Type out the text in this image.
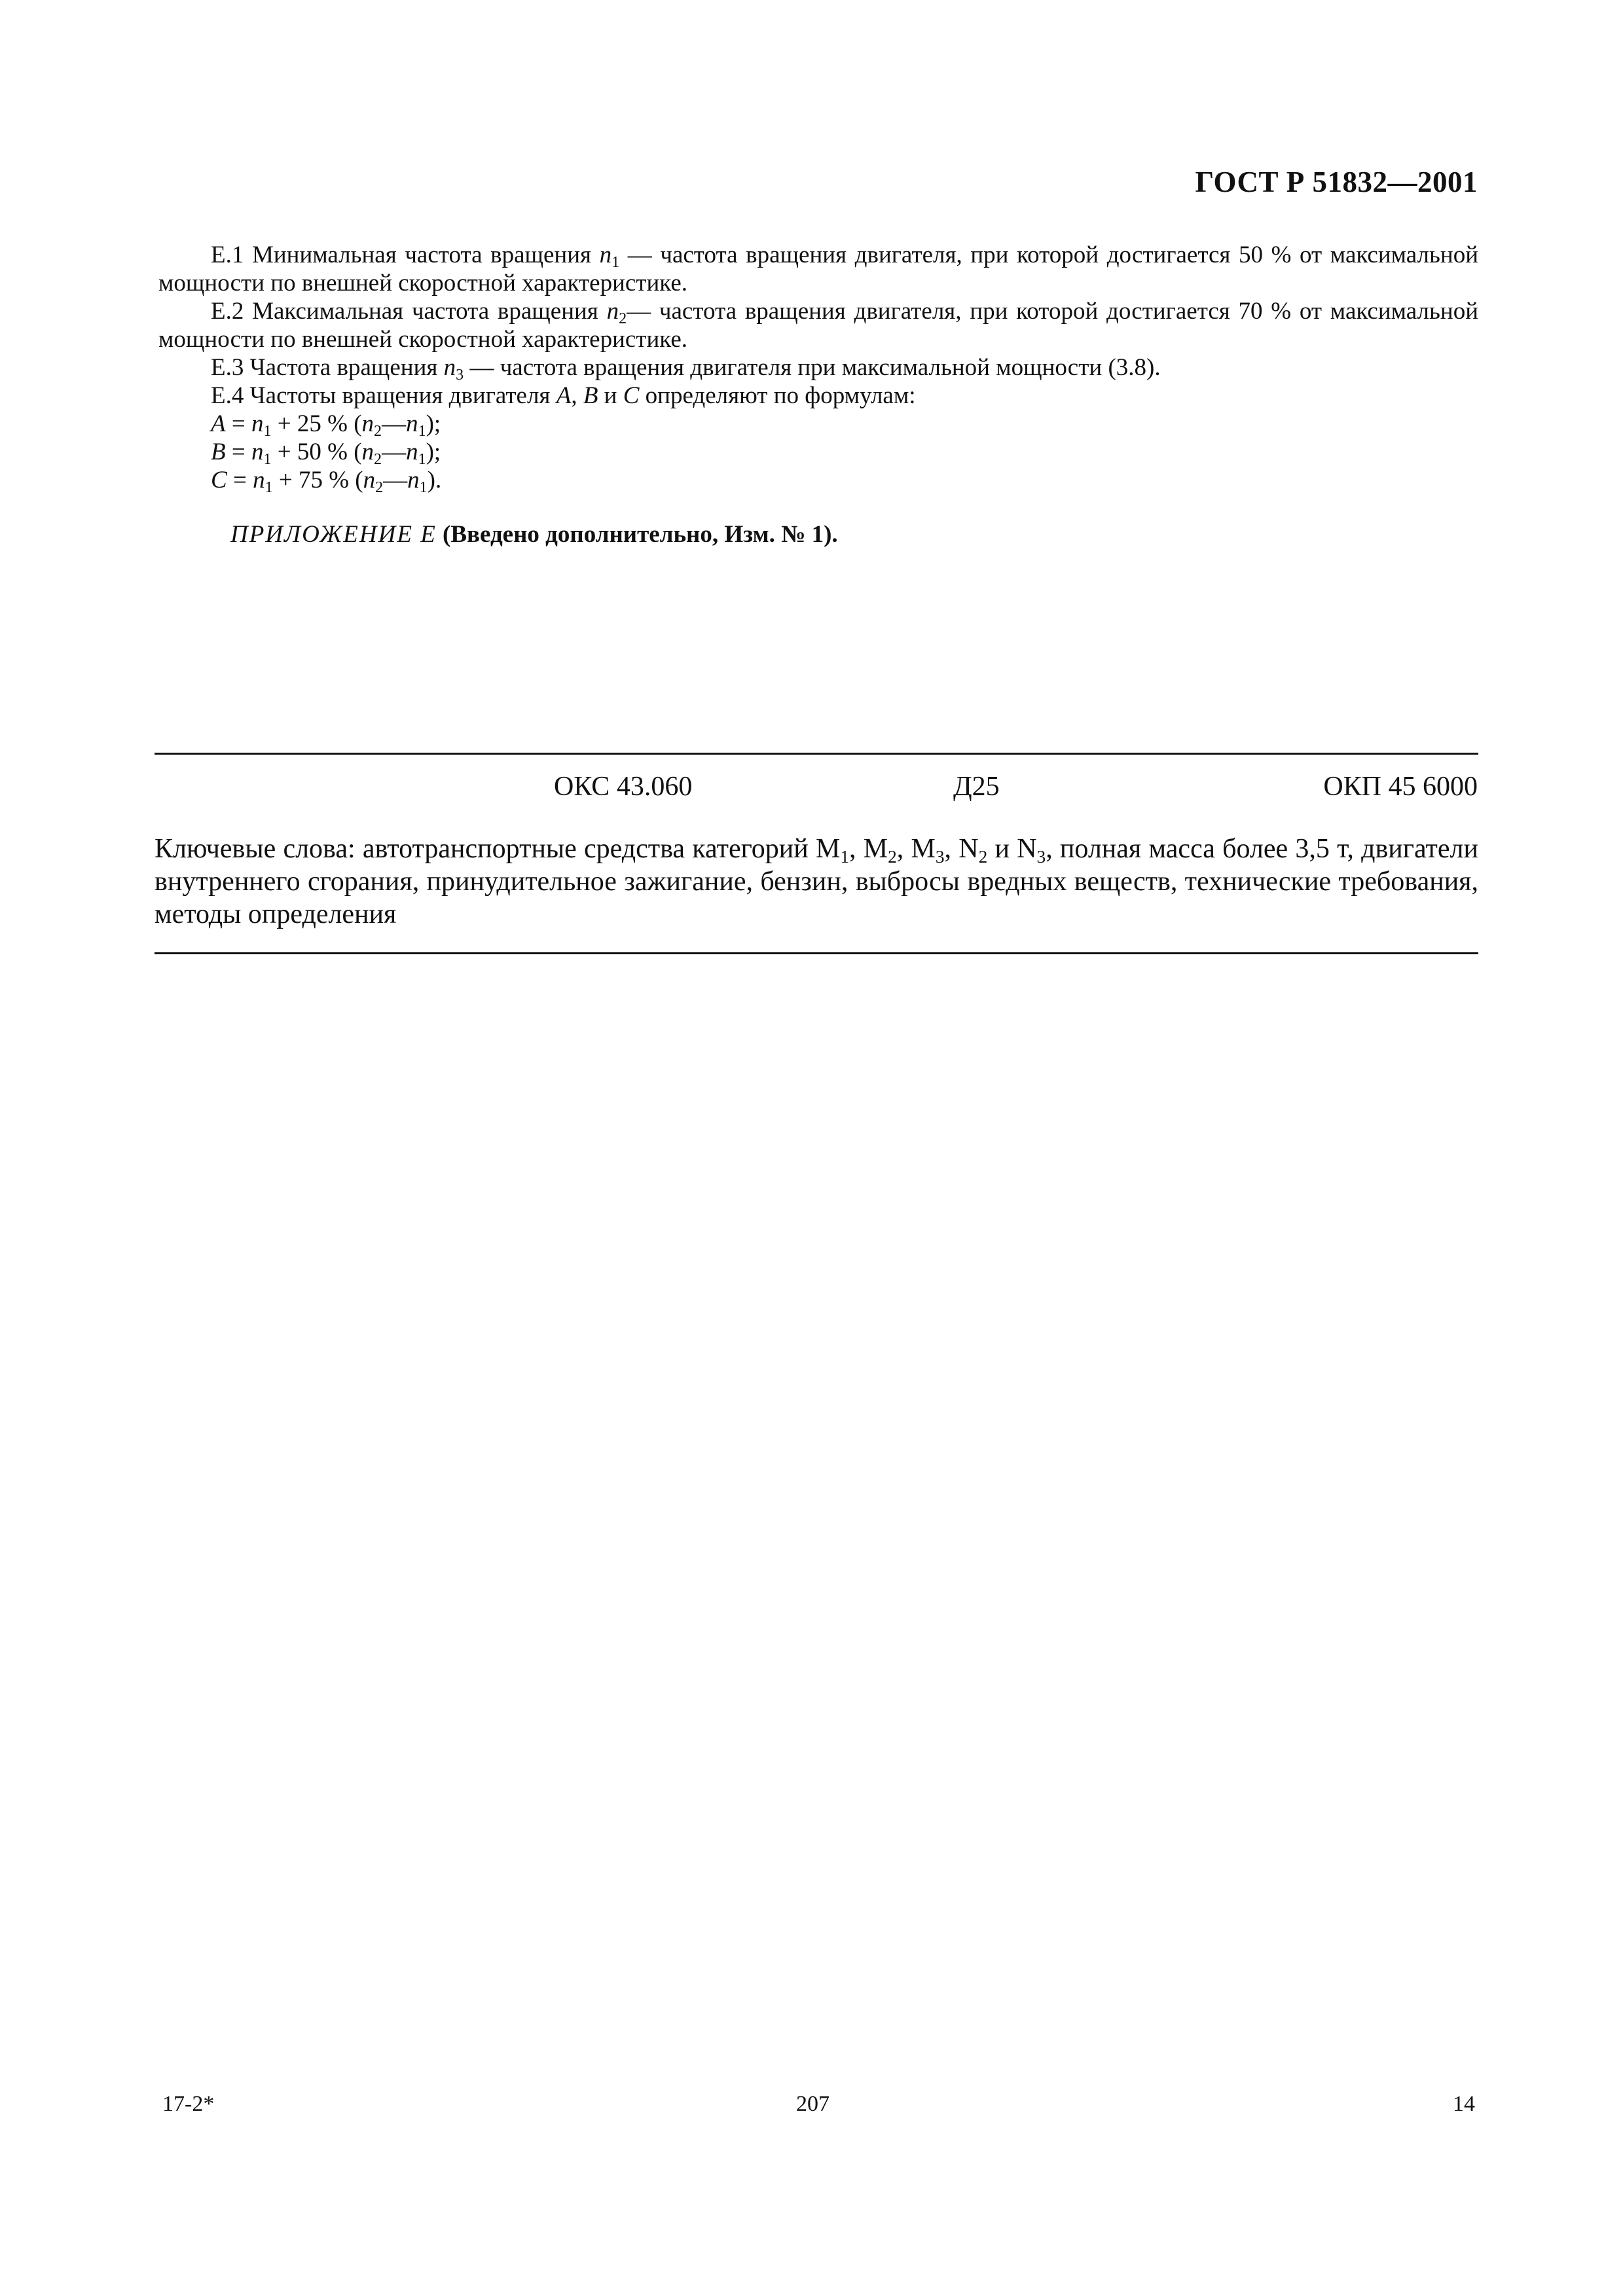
ГОСТ Р 51832—2001

Е.1 Минимальная частота вращения $n_1$ — частота вращения двигателя, при которой достигается 50 % от максимальной мощности по внешней скоростной характеристике.

Е.2 Максимальная частота вращения $n_2—$ частота вращения двигателя, при которой достигается 70 % от максимальной мощности по внешней скоростной характеристике.

Е.3 Частота вращения $n_3$ — частота вращения двигателя при максимальной мощности (3.8).

Е.4 Частоты вращения двигателя А, В и С определяют по формулам:

$A = n_1 + 25$ % $(n_2—n_1)$;

$B = n_1 + 50$ % $(n_2—n_1)$;

$C = n_1 + 75$ % $(n_2—n_1)$.

ПРИЛОЖЕНИЕ Е (Введено дополнительно, Изм. № 1).

ОКС 43.060	Д25	ОКП 45 6000
Ключевые слова: автотранспортные средства категорий $М_1$, $М_2$, $М_3$, $N_2$ и $N_3$, полная масса более 3,5 т, двигатели внутреннего сгорания, принудительное зажигание, бензин, выбросы вредных веществ, технические требования, методы определения
17-2*	207	14
